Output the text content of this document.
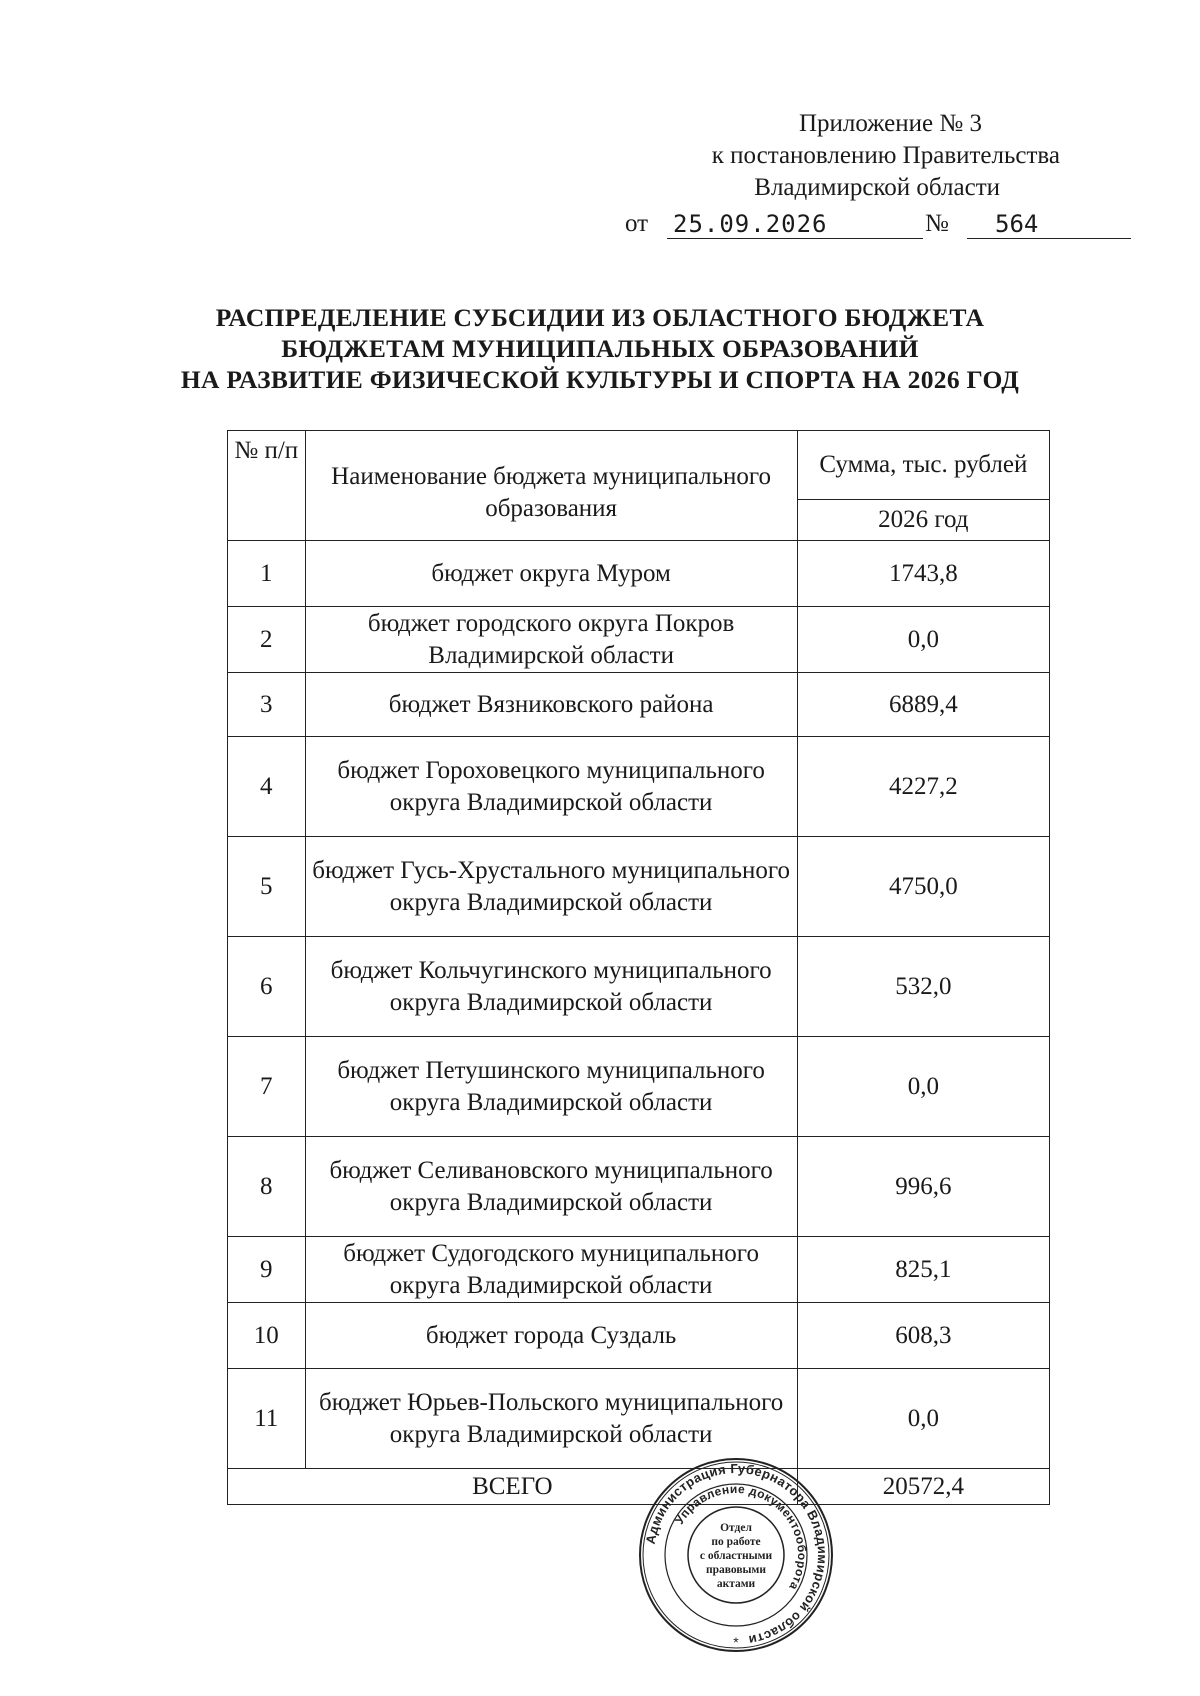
Приложение № 3
к постановлению Правительства
Владимирской области
от 25.09.2026	№	564
РАСПРЕДЕЛЕНИЕ СУБСИДИИ ИЗ ОБЛАСТНОГО БЮДЖЕТА
БЮДЖЕТАМ МУНИЦИПАЛЬНЫХ ОБРАЗОВАНИЙ
НА РАЗВИТИЕ ФИЗИЧЕСКОЙ КУЛЬТУРЫ И СПОРТА НА 2026 ГОД
№ п/п	Наименование бюджета муниципального образования	Сумма, тыс. рублей
		2026 год
1	бюджет округа Муром	1743,8
2	бюджет городского округа Покров Владимирской области	0,0
3	бюджет Вязниковского района	6889,4
4	бюджет Гороховецкого муниципального округа Владимирской области	4227,2
5	бюджет Гусь-Хрустального муниципального округа Владимирской области	4750,0
6	бюджет Кольчугинского муниципального округа Владимирской области	532,0
7	бюджет Петушинского муниципального округа Владимирской области	0,0
8	бюджет Селивановского муниципального округа Владимирской области	996,6
9	бюджет Судогодского муниципального округа Владимирской области	825,1
10	бюджет города Суздаль	608,3
11	бюджет Юрьев-Польского муниципального округа Владимирской области	0,0
ВСЕГО		20572,4
Администрация Губернатора Владимирской области
Управление документооборота
Отдел
по работе
с областными
правовыми
актами
*
